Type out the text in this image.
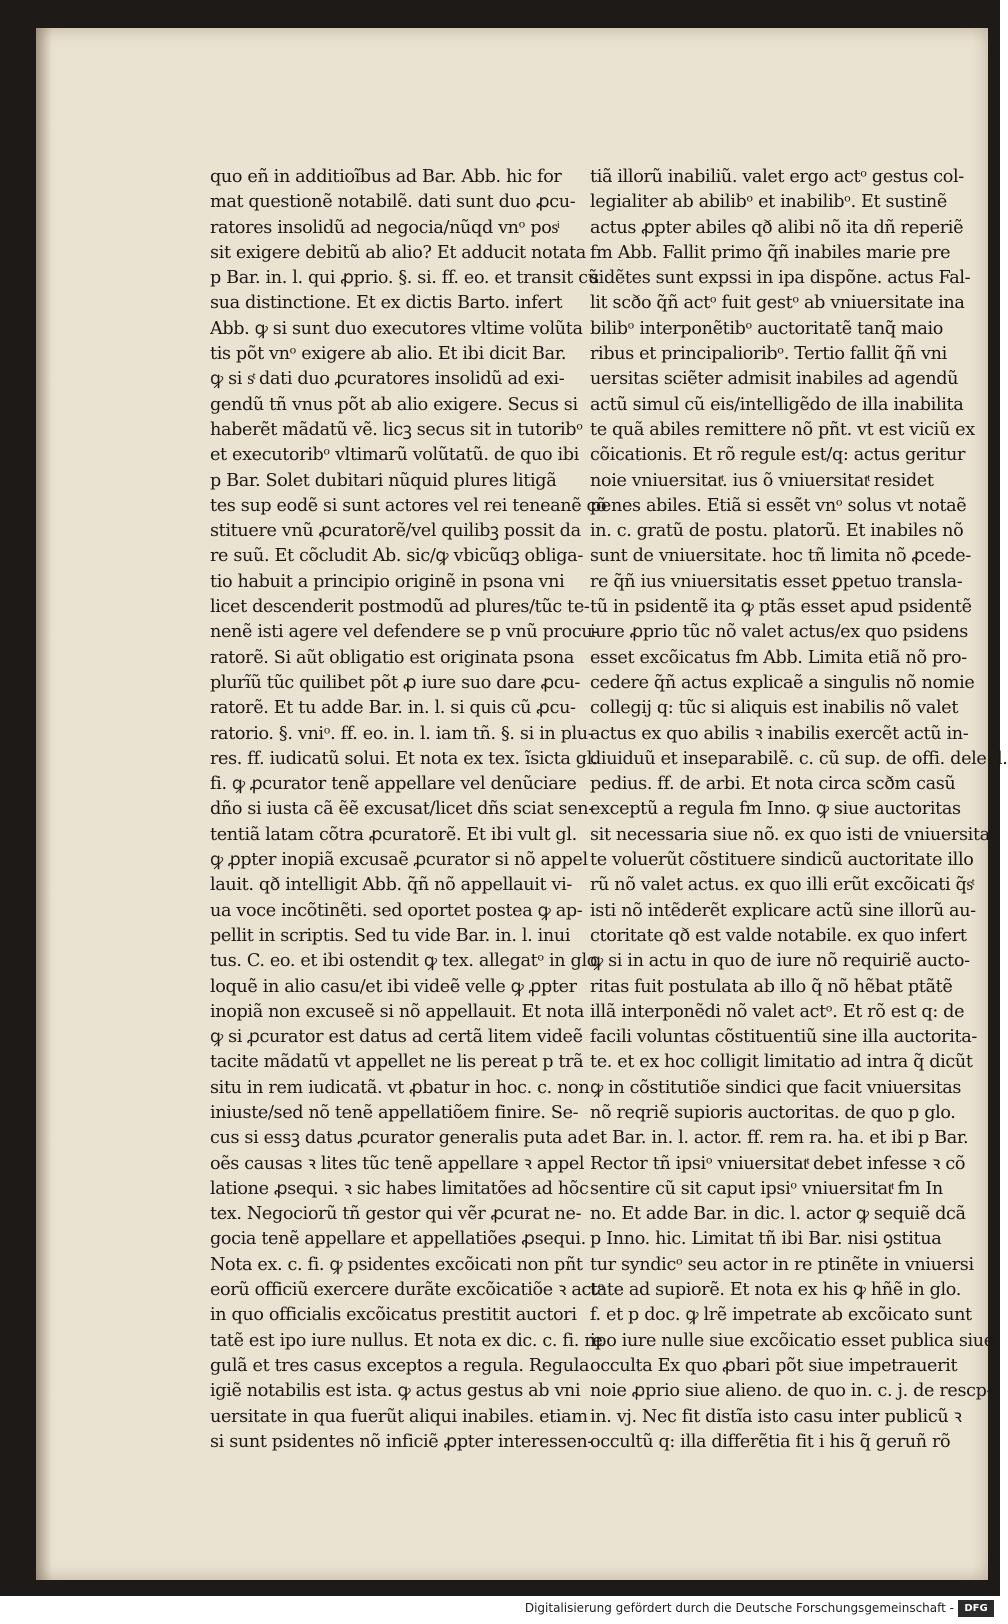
quo eñ in additioĩbus ad Bar. Abb. hic for
mat questionẽ notabilẽ. dati sunt duo ꝓcu‑
ratores insolidũ ad negocia/nũqd vnᵒ posͥ
sit exigere debitũ ab alio? Et adducit notata
p Bar. in. l. qui ꝓprio. §. si. ff. eo. et transit cũ
sua distinctione. Et ex dictis Barto. infert
Abb. ꝙ si sunt duo executores vltime volũta
tis põt vnᵒ exigere ab alio. Et ibi dicit Bar.
ꝙ si sͭ dati duo ꝓcuratores insolidũ ad exi‑
gendũ tñ vnus põt ab alio exigere. Secus si
haberẽt mãdatũ vẽ. licꝫ secus sit in tutoribᵒ
et executoribᵒ vltimarũ volũtatũ. de quo ibi
p Bar. Solet dubitari nũquid plures litigã
tes sup eodẽ si sunt actores vel rei teneanẽ cõ
stituere vnũ ꝓcuratorẽ/vel quilibꝫ possit da
re suũ. Et cõcludit Ab. sic/ꝙ vbicũqꝫ obliga‑
tio habuit a principio originẽ in psona vni
licet descenderit postmodũ ad plures/tũc te‑
nenẽ isti agere vel defendere se p vnũ procu‑
ratorẽ. Si aũt obligatio est originata psona
plurĩũ tũc quilibet põt ꝓ iure suo dare ꝓcu‑
ratorẽ. Et tu adde Bar. in. l. si quis cũ ꝓcu‑
ratorio. §. vniᵒ. ff. eo. in. l. iam tñ. §. si in plu‑
res. ff. iudicatũ solui. Et nota ex tex. ĩsicta gl.
fi. ꝙ ꝓcurator tenẽ appellare vel denũciare
dño si iusta cã ẽẽ excusat/licet dñs sciat sen‑
tentiã latam cõtra ꝓcuratorẽ. Et ibi vult gl.
ꝙ ꝓpter inopiã excusaẽ ꝓcurator si nõ appel
lauit. qð intelligit Abb. q̃ñ nõ appellauit vi‑
ua voce incõtinẽti. sed oportet postea ꝙ ap‑
pellit in scriptis. Sed tu vide Bar. in. l. inui
tus. C. eo. et ibi ostendit ꝙ tex. allegatᵒ in glo.
loquẽ in alio casu/et ibi videẽ velle ꝙ ꝓpter
inopiã non excuseẽ si nõ appellauit. Et nota
ꝙ si ꝓcurator est datus ad certã litem videẽ
tacite mãdatũ vt appellet ne lis pereat p trã
situ in rem iudicatã. vt ꝓbatur in hoc. c. non
iniuste/sed nõ tenẽ appellatiõem finire. Se‑
cus si essꝫ datus ꝓcurator generalis puta ad
oẽs causas ꝛ lites tũc tenẽ appellare ꝛ appel
latione ꝓsequi. ꝛ sic habes limitatões ad hõc
tex. Negociorũ tñ gestor qui vẽr ꝓcurat ne‑
gocia tenẽ appellare et appellatiões ꝓsequi.
Nota ex. c. fi. ꝙ psidentes excõicati non pñt
eorũ officiũ exercere durãte excõicatiõe ꝛ actᵒ
in quo officialis excõicatus prestitit auctori
tatẽ est ipo iure nullus. Et nota ex dic. c. fi. re
gulã et tres casus exceptos a regula. Regula
igiẽ notabilis est ista. ꝙ actus gestus ab vni
uersitate in qua fuerũt aliqui inabiles. etiam
si sunt psidentes nõ inficiẽ ꝓpter interessen‑
tiã illorũ inabiliũ. valet ergo actᵒ gestus col‑
legialiter ab abilibᵒ et inabilibᵒ. Et sustinẽ
actus ꝓpter abiles qð alibi nõ ita dñ reperiẽ
fm Abb. Fallit primo q̃ñ inabiles marie pre
sidẽtes sunt expssi in ipa dispõne. actus Fal‑
lit scðo q̃ñ actᵒ fuit gestᵒ ab vniuersitate ina
bilibᵒ interponẽtibᵒ auctoritatẽ tanq̃ maio
ribus et principalioribᵒ. Tertio fallit q̃ñ vni
uersitas sciẽter admisit inabiles ad agendũ
actũ simul cũ eis/intelligẽdo de illa inabilita
te quã abiles remittere nõ pñt. vt est viciũ ex
cõicationis. Et rõ regule est/q: actus geritur
noie vniuersitatͭ. ius õ vniuersitatͭ residet
penes abiles. Etiã si essẽt vnᵒ solus vt notaẽ
in. c. gratũ de postu. platorũ. Et inabiles nõ
sunt de vniuersitate. hoc tñ limita nõ ꝓcede‑
re q̃ñ ius vniuersitatis esset ꝑpetuo transla‑
tũ in psidentẽ ita ꝙ ptãs esset apud psidentẽ
iure ꝓprio tũc nõ valet actus/ex quo psidens
esset excõicatus fm Abb. Limita etiã nõ pro‑
cedere q̃ñ actus explicaẽ a singulis nõ nomie
collegij q: tũc si aliquis est inabilis nõ valet
actus ex quo abilis ꝛ inabilis exercẽt actũ in‑
diuiduũ et inseparabilẽ. c. cũ sup. de offi. dele. l.
pedius. ff. de arbi. Et nota circa scðm casũ
exceptũ a regula fm Inno. ꝙ siue auctoritas
sit necessaria siue nõ. ex quo isti de vniuersita
te voluerũt cõstituere sindicũ auctoritate illo
rũ nõ valet actus. ex quo illi erũt excõicati q̃sͭ
isti nõ intẽderẽt explicare actũ sine illorũ au‑
ctoritate qð est valde notabile. ex quo infert
ꝙ si in actu in quo de iure nõ requiriẽ aucto‑
ritas fuit postulata ab illo q̃ nõ hẽbat ptãtẽ
illã interponẽdi nõ valet actᵒ. Et rõ est q: de
facili voluntas cõstituentiũ sine illa auctorita‑
te. et ex hoc colligit limitatio ad intra q̃ dicũt
ꝙ in cõstitutiõe sindici que facit vniuersitas
nõ reqriẽ supioris auctoritas. de quo p glo.
et Bar. in. l. actor. ff. rem ra. ha. et ibi p Bar.
Rector tñ ipsiᵒ vniuersitatͭ debet infesse ꝛ cõ
sentire cũ sit caput ipsiᵒ vniuersitatͭ fm In
no. Et adde Bar. in dic. l. actor ꝙ sequiẽ dcã
p Inno. hic. Limitat tñ ibi Bar. nisi ꝯstitua
tur syndicᵒ seu actor in re ptinẽte in vniuersi
tate ad supiorẽ. Et nota ex his ꝙ hñẽ in glo.
f. et p doc. ꝙ lrẽ impetrate ab excõicato sunt
ipo iure nulle siue excõicatio esset publica siue
occulta Ex quo ꝓbari põt siue impetrauerit
noie ꝓprio siue alieno. de quo in. c. j. de rescp‑
in. vj. Nec fit distĩa isto casu inter publicũ ꝛ
occultũ q: illa differẽtia fit i his q̃ geruñ rõ
Digitalisierung gefördert durch die Deutsche Forschungsgemeinschaft -	DFG
